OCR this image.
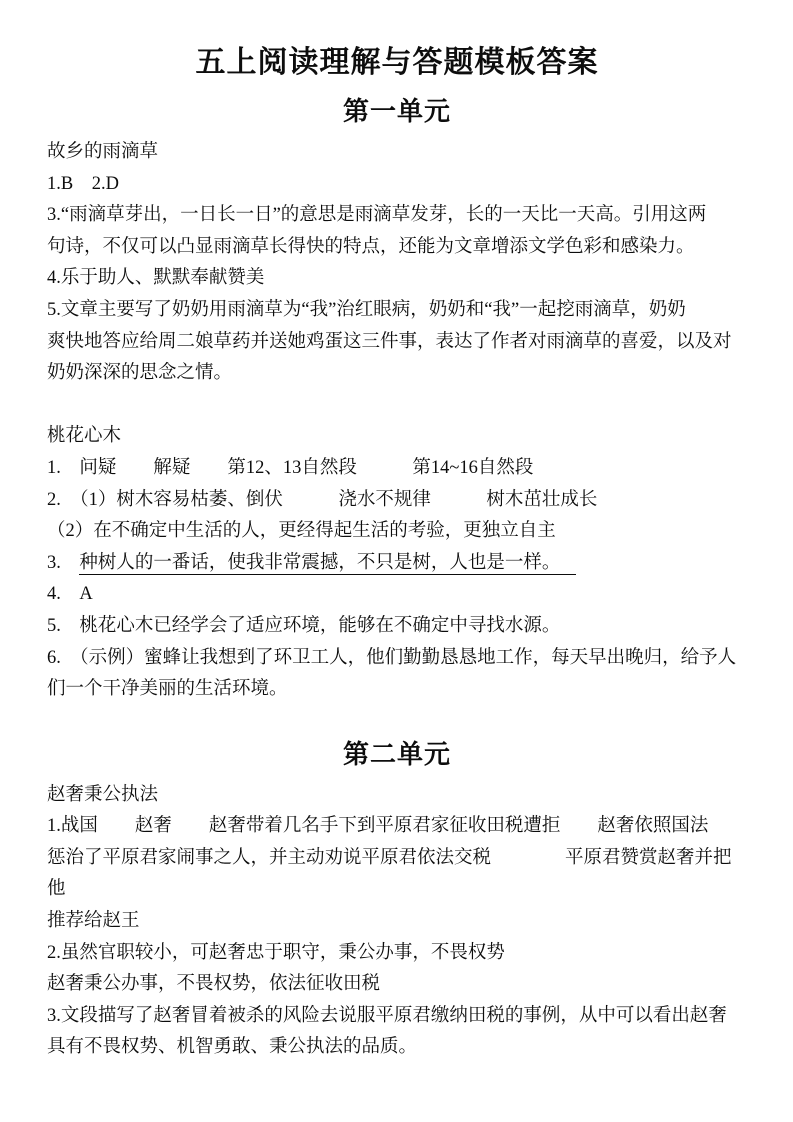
五上阅读理解与答题模板答案
第一单元

故乡的雨滴草

1.B　2.D

3.“雨滴草芽出，一日长一日”的意思是雨滴草发芽，长的一天比一天高。引用这两

句诗，不仅可以凸显雨滴草长得快的特点，还能为文章增添文学色彩和感染力。

4.乐于助人、默默奉献赞美

5.文章主要写了奶奶用雨滴草为“我”治红眼病，奶奶和“我”一起挖雨滴草，奶奶

爽快地答应给周二娘草药并送她鸡蛋这三件事，表达了作者对雨滴草的喜爱，以及对

奶奶深深的思念之情。

桃花心木

1.　问疑　　解疑　　第12、13自然段　　　第14~16自然段

2.　（1）树木容易枯萎、倒伏　　　浇水不规律　　　树木茁壮成长

（2）在不确定中生活的人，更经得起生活的考验，更独立自主

3.　种树人的一番话，使我非常震撼，不只是树，人也是一样。

4.　A

5.　桃花心木已经学会了适应环境，能够在不确定中寻找水源。

6.　（示例）蜜蜂让我想到了环卫工人，他们勤勤恳恳地工作，每天早出晚归，给予人

们一个干净美丽的生活环境。

第二单元

赵奢秉公执法

1.战国　　赵奢　　赵奢带着几名手下到平原君家征收田税遭拒　　赵奢依照国法

惩治了平原君家闹事之人，并主动劝说平原君依法交税　　　　平原君赞赏赵奢并把他

推荐给赵王

2.虽然官职较小，可赵奢忠于职守，秉公办事，不畏权势

赵奢秉公办事，不畏权势，依法征收田税

3.文段描写了赵奢冒着被杀的风险去说服平原君缴纳田税的事例，从中可以看出赵奢

具有不畏权势、机智勇敢、秉公执法的品质。
